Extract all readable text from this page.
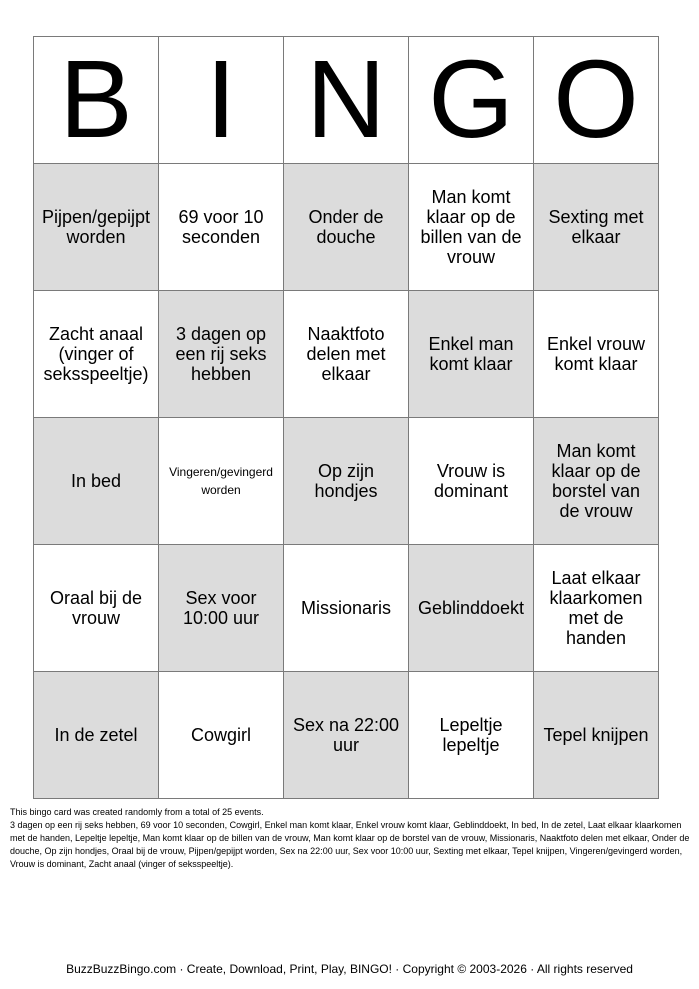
B	I	N	G	O
Pijpen/gepijpt worden	69 voor 10 seconden	Onder de douche	Man komt klaar op de billen van de vrouw	Sexting met elkaar
Zacht anaal (vinger of seksspeeltje)	3 dagen op een rij seks hebben	Naaktfoto delen met elkaar	Enkel man komt klaar	Enkel vrouw komt klaar
In bed	Vingeren/gevingerd worden	Op zijn hondjes	Vrouw is dominant	Man komt klaar op de borstel van de vrouw
Oraal bij de vrouw	Sex voor 10:00 uur	Missionaris	Geblinddoekt	Laat elkaar klaarkomen met de handen
In de zetel	Cowgirl	Sex na 22:00 uur	Lepeltje lepeltje	Tepel knijpen

This bingo card was created randomly from a total of 25 events.

3 dagen op een rij seks hebben, 69 voor 10 seconden, Cowgirl, Enkel man komt klaar, Enkel vrouw komt klaar, Geblinddoekt, In bed, In de zetel, Laat elkaar klaarkomen met de handen, Lepeltje lepeltje, Man komt klaar op de billen van de vrouw, Man komt klaar op de borstel van de vrouw, Missionaris, Naaktfoto delen met elkaar, Onder de douche, Op zijn hondjes, Oraal bij de vrouw, Pijpen/gepijpt worden, Sex na 22:00 uur, Sex voor 10:00 uur, Sexting met elkaar, Tepel knijpen, Vingeren/gevingerd worden, Vrouw is dominant, Zacht anaal (vinger of seksspeeltje).

BuzzBuzzBingo.com · Create, Download, Print, Play, BINGO! · Copyright © 2003-2026 · All rights reserved
